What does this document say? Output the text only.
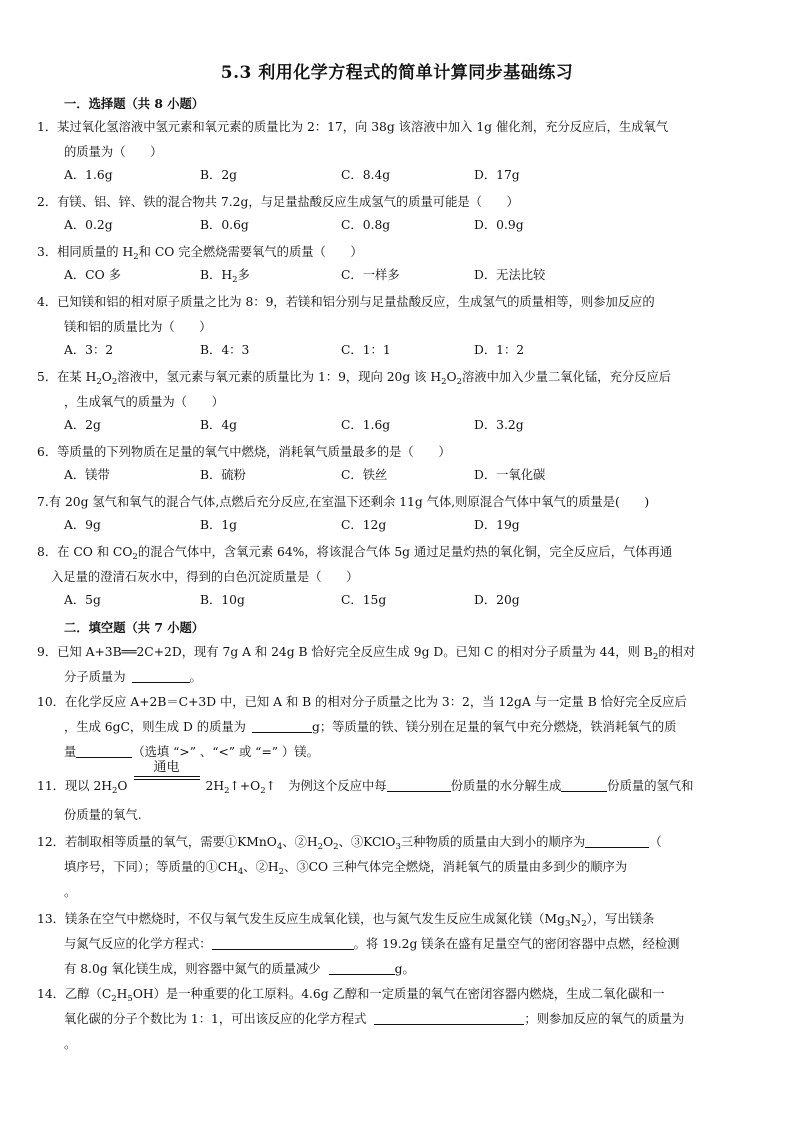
5.3 利用化学方程式的简单计算同步基础练习
一．选择题（共 8 小题）
1．某过氧化氢溶液中氢元素和氧元素的质量比为 2：17，向 38g 该溶液中加入 1g 催化剂，充分反应后，生成氧气
的质量为（　　）
A．1.6g	B．2g	C．8.4g	D．17g
2．有镁、铝、锌、铁的混合物共 7.2g，与足量盐酸反应生成氢气的质量可能是（　　）
A．0.2g	B．0.6g	C．0.8g	D．0.9g
3．相同质量的 $H_2$和 CO 完全燃烧需要氧气的质量（　　）
A．CO 多	B．$H_2$多	C．一样多	D．无法比较
4．已知镁和铝的相对原子质量之比为 8：9，若镁和铝分别与足量盐酸反应，生成氢气的质量相等，则参加反应的
镁和铝的质量比为（　　）
A．3：2	B．4：3	C．1：1	D．1：2
5．在某 $H_2O_2$溶液中，氢元素与氧元素的质量比为 1：9，现向 20g 该 $H_2O_2$溶液中加入少量二氧化锰，充分反应后
，生成氧气的质量为（　　）
A．2g	B．4g	C．1.6g	D．3.2g
6．等质量的下列物质在足量的氧气中燃烧，消耗氧气质量最多的是（　　）
A．镁带	B．硫粉	C．铁丝	D．一氧化碳
7.有 20g 氢气和氧气的混合气体,点燃后充分反应,在室温下还剩余 11g 气体,则原混合气体中氧气的质量是(　　)
A．9g	B．1g	C．12g	D．19g
8．在 CO 和 $CO_2$的混合气体中，含氧元素 64%，将该混合气体 5g 通过足量灼热的氧化铜，完全反应后，气体再通
入足量的澄清石灰水中，得到的白色沉淀质量是（　　）
A．5g	B．10g	C．15g	D．20g
二．填空题（共 7 小题）
9．已知 A+3B══2C+2D，现有 7g A 和 24g B 恰好完全反应生成 9g D。已知 C 的相对分子质量为 44，则 $B_2$的相对
分子质量为	。
10．在化学反应 A+2B＝C+3D 中，已知 A 和 B 的相对分子质量之比为 3：2，当 12gA 与一定量 B 恰好完全反应后
，生成 6gC，则生成 D 的质量为	g；等质量的铁、镁分别在足量的氧气中充分燃烧，铁消耗氧气的质
量	（选填 “>” 、“<” 或 “=” ）镁。
11．现以 $2H_2O$
通电
$2H_2↑+O_2↑$　为例这个反应中每	份质量的水分解生成	份质量的氢气和
份质量的氧气.
12．若制取相等质量的氧气，需要①KMnO$_4$、$②H_2O_2$、③KClO$_3$三种物质的质量由大到小的顺序为	（
填序号，下同）；等质量的$①CH_4$、$②H_2$、③CO 三种气体完全燃烧，消耗氧气的质量由多到少的顺序为
。
13．镁条在空气中燃烧时，不仅与氧气发生反应生成氧化镁，也与氮气发生反应生成氮化镁$(Mg_3N_2)$，写出镁条
与氮气反应的化学方程式：	。将 19.2g 镁条在盛有足量空气的密闭容器中点燃，经检测
有 8.0g 氧化镁生成，则容器中氮气的质量减少	g。
14．乙醇$(C_2H_5OH)$是一种重要的化工原料。4.6g 乙醇和一定质量的氧气在密闭容器内燃烧，生成二氧化碳和一
氧化碳的分子个数比为 1：1，可出该反应的化学方程式	；则参加反应的氧气的质量为
。
